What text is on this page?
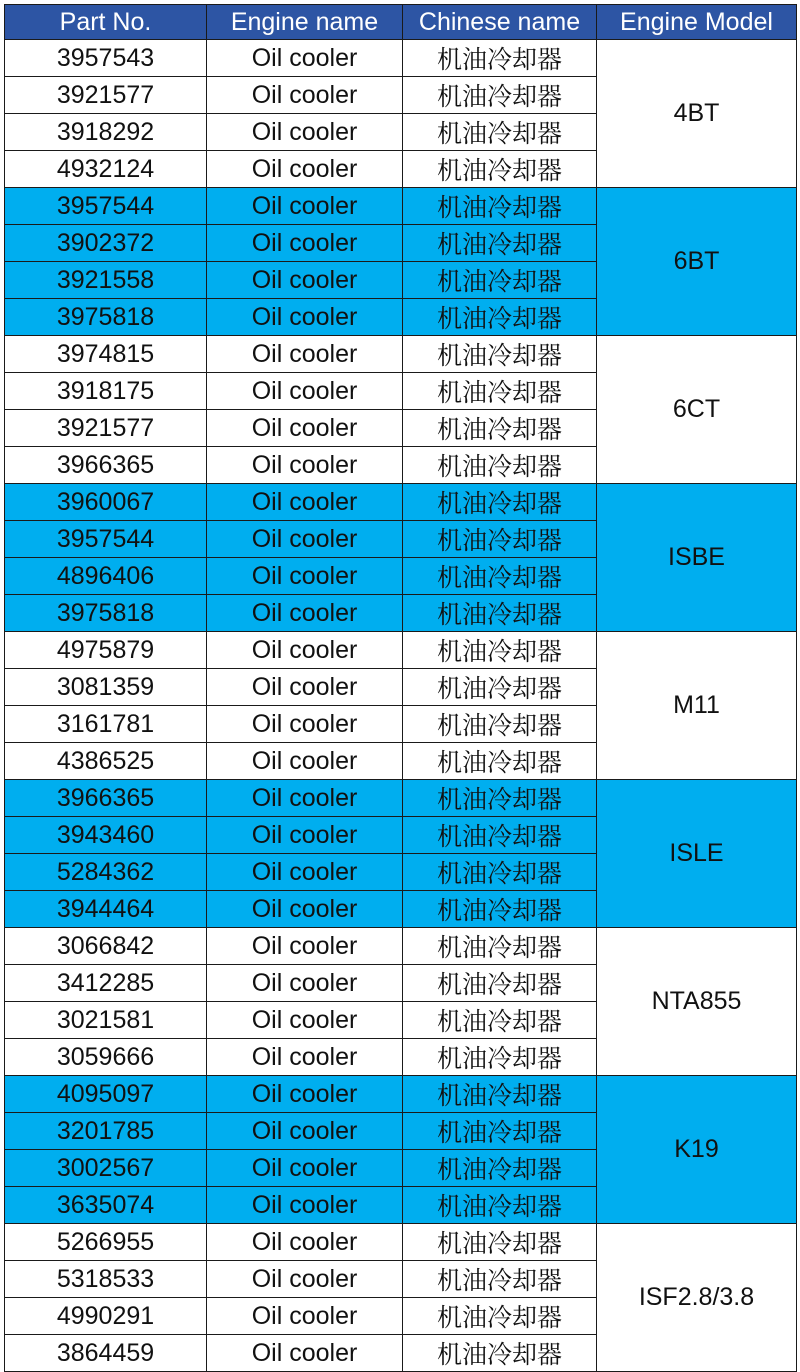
Part No.	Engine name	Chinese name	Engine Model
3957543	Oil cooler	机油冷却器	4BT
3921577	Oil cooler	机油冷却器	
3918292	Oil cooler	机油冷却器	
4932124	Oil cooler	机油冷却器	
3957544	Oil cooler	机油冷却器	6BT
3902372	Oil cooler	机油冷却器	
3921558	Oil cooler	机油冷却器	
3975818	Oil cooler	机油冷却器	
3974815	Oil cooler	机油冷却器	6CT
3918175	Oil cooler	机油冷却器	
3921577	Oil cooler	机油冷却器	
3966365	Oil cooler	机油冷却器	
3960067	Oil cooler	机油冷却器	ISBE
3957544	Oil cooler	机油冷却器	
4896406	Oil cooler	机油冷却器	
3975818	Oil cooler	机油冷却器	
4975879	Oil cooler	机油冷却器	M11
3081359	Oil cooler	机油冷却器	
3161781	Oil cooler	机油冷却器	
4386525	Oil cooler	机油冷却器	
3966365	Oil cooler	机油冷却器	ISLE
3943460	Oil cooler	机油冷却器	
5284362	Oil cooler	机油冷却器	
3944464	Oil cooler	机油冷却器	
3066842	Oil cooler	机油冷却器	NTA855
3412285	Oil cooler	机油冷却器	
3021581	Oil cooler	机油冷却器	
3059666	Oil cooler	机油冷却器	
4095097	Oil cooler	机油冷却器	K19
3201785	Oil cooler	机油冷却器	
3002567	Oil cooler	机油冷却器	
3635074	Oil cooler	机油冷却器	
5266955	Oil cooler	机油冷却器	ISF2.8/3.8
5318533	Oil cooler	机油冷却器	
4990291	Oil cooler	机油冷却器	
3864459	Oil cooler	机油冷却器	
